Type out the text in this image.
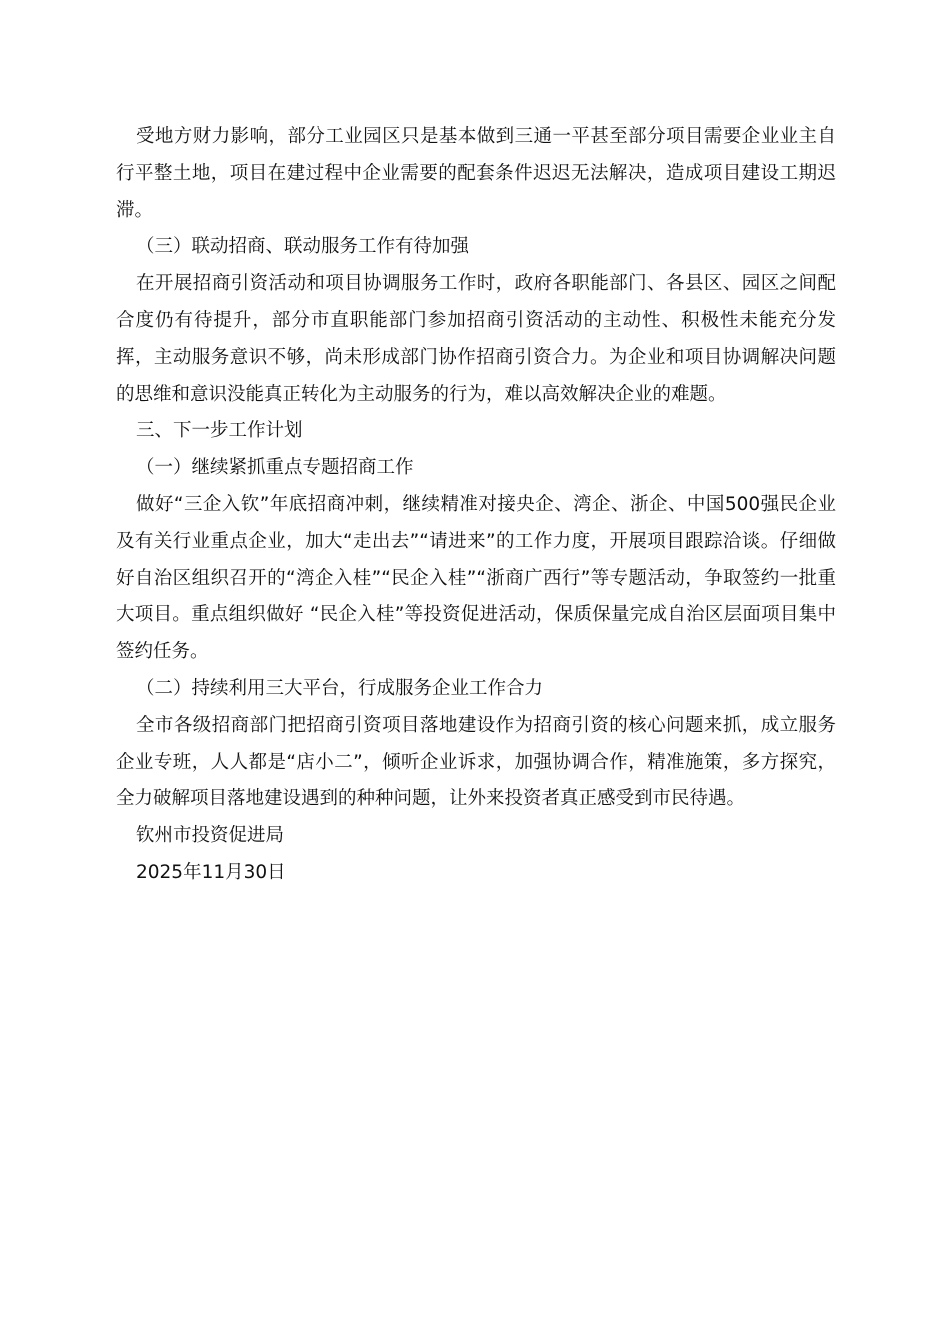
受地方财力影响，部分工业园区只是基本做到三通一平甚至部分项目需要企业业主自行平整土地，项目在建过程中企业需要的配套条件迟迟无法解决，造成项目建设工期迟滞。

（三）联动招商、联动服务工作有待加强

在开展招商引资活动和项目协调服务工作时，政府各职能部门、各县区、园区之间配合度仍有待提升，部分市直职能部门参加招商引资活动的主动性、积极性未能充分发挥，主动服务意识不够，尚未形成部门协作招商引资合力。为企业和项目协调解决问题的思维和意识没能真正转化为主动服务的行为，难以高效解决企业的难题。

三、下一步工作计划

（一）继续紧抓重点专题招商工作

做好“三企入钦”年底招商冲刺，继续精准对接央企、湾企、浙企、中国500强民企业及有关行业重点企业，加大“走出去”“请进来”的工作力度，开展项目跟踪洽谈。仔细做好自治区组织召开的“湾企入桂”“民企入桂”“浙商广西行”等专题活动，争取签约一批重大项目。重点组织做好 “民企入桂”等投资促进活动，保质保量完成自治区层面项目集中签约任务。

（二）持续利用三大平台，行成服务企业工作合力

全市各级招商部门把招商引资项目落地建设作为招商引资的核心问题来抓，成立服务企业专班，人人都是“店小二”，倾听企业诉求，加强协调合作，精准施策，多方探究，全力破解项目落地建设遇到的种种问题，让外来投资者真正感受到市民待遇。

钦州市投资促进局

2025年11月30日
